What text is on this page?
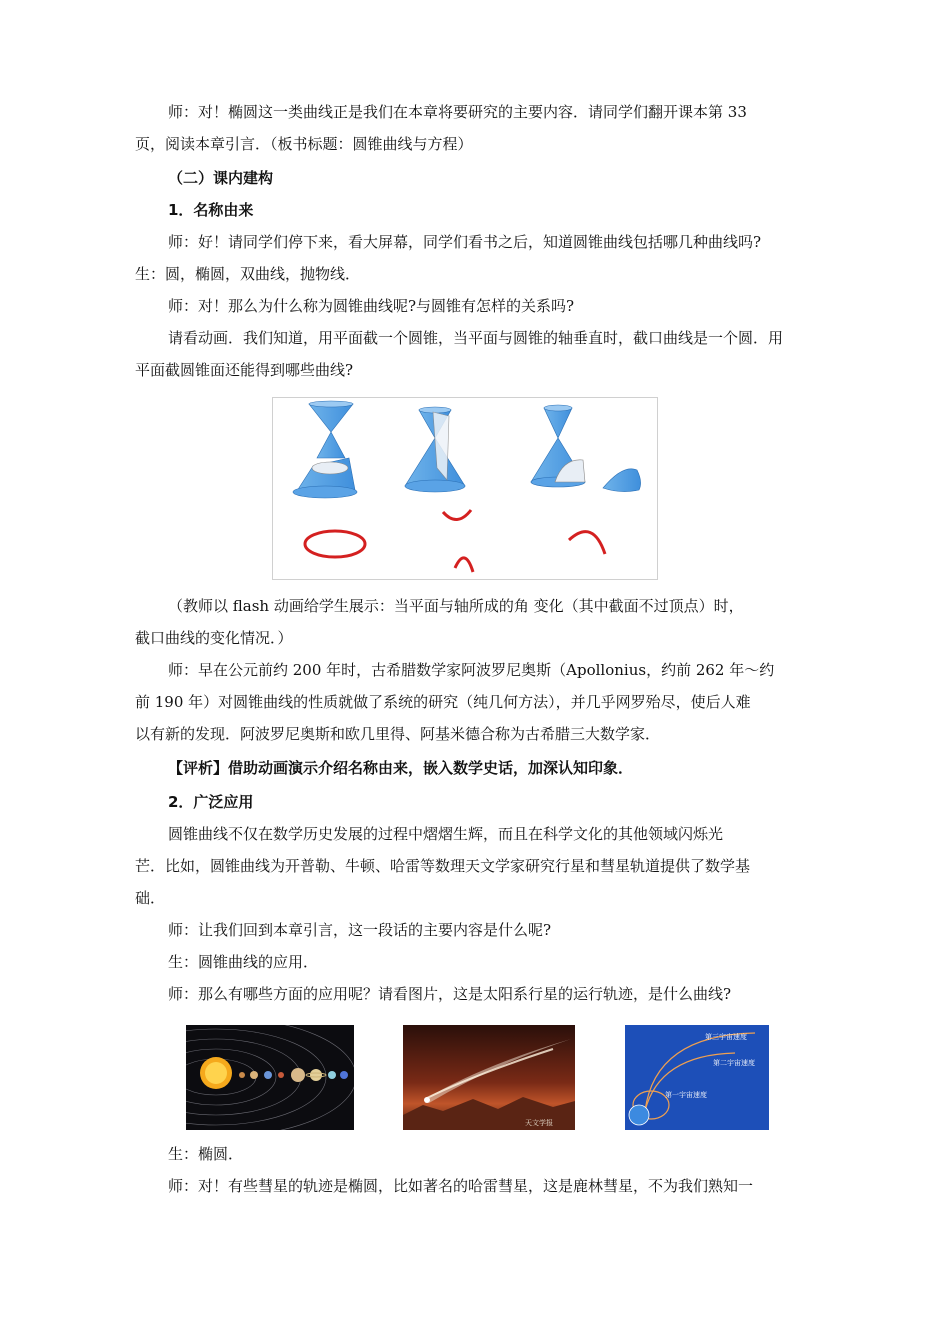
师：对！椭圆这一类曲线正是我们在本章将要研究的主要内容．请同学们翻开课本第 33
页，阅读本章引言．（板书标题：圆锥曲线与方程）
（二）课内建构
1．名称由来
师：好！请同学们停下来，看大屏幕，同学们看书之后，知道圆锥曲线包括哪几种曲线吗?
生：圆，椭圆，双曲线，抛物线．
师：对！那么为什么称为圆锥曲线呢?与圆锥有怎样的关系吗?
请看动画．我们知道，用平面截一个圆锥，当平面与圆锥的轴垂直时，截口曲线是一个圆．用
平面截圆锥面还能得到哪些曲线?
（教师以 flash 动画给学生展示：当平面与轴所成的角 变化（其中截面不过顶点）时，
截口曲线的变化情况．）
师：早在公元前约 200 年时，古希腊数学家阿波罗尼奥斯（Apollonius，约前 262 年～约
前 190 年）对圆锥曲线的性质就做了系统的研究（纯几何方法），并几乎网罗殆尽，使后人难
以有新的发现．阿波罗尼奥斯和欧几里得、阿基米德合称为古希腊三大数学家．
【评析】借助动画演示介绍名称由来，嵌入数学史话，加深认知印象．
2．广泛应用
圆锥曲线不仅在数学历史发展的过程中熠熠生辉，而且在科学文化的其他领域闪烁光
芒．比如，圆锥曲线为开普勒、牛顿、哈雷等数理天文学家研究行星和彗星轨道提供了数学基
础．
师：让我们回到本章引言，这一段话的主要内容是什么呢?
生：圆锥曲线的应用．
师：那么有哪些方面的应用呢？请看图片，这是太阳系行星的运行轨迹，是什么曲线?
天文学报
第三宇宙速度
第二宇宙速度
第一宇宙速度
生：椭圆．
师：对！有些彗星的轨迹是椭圆，比如著名的哈雷彗星，这是鹿林彗星，不为我们熟知一
